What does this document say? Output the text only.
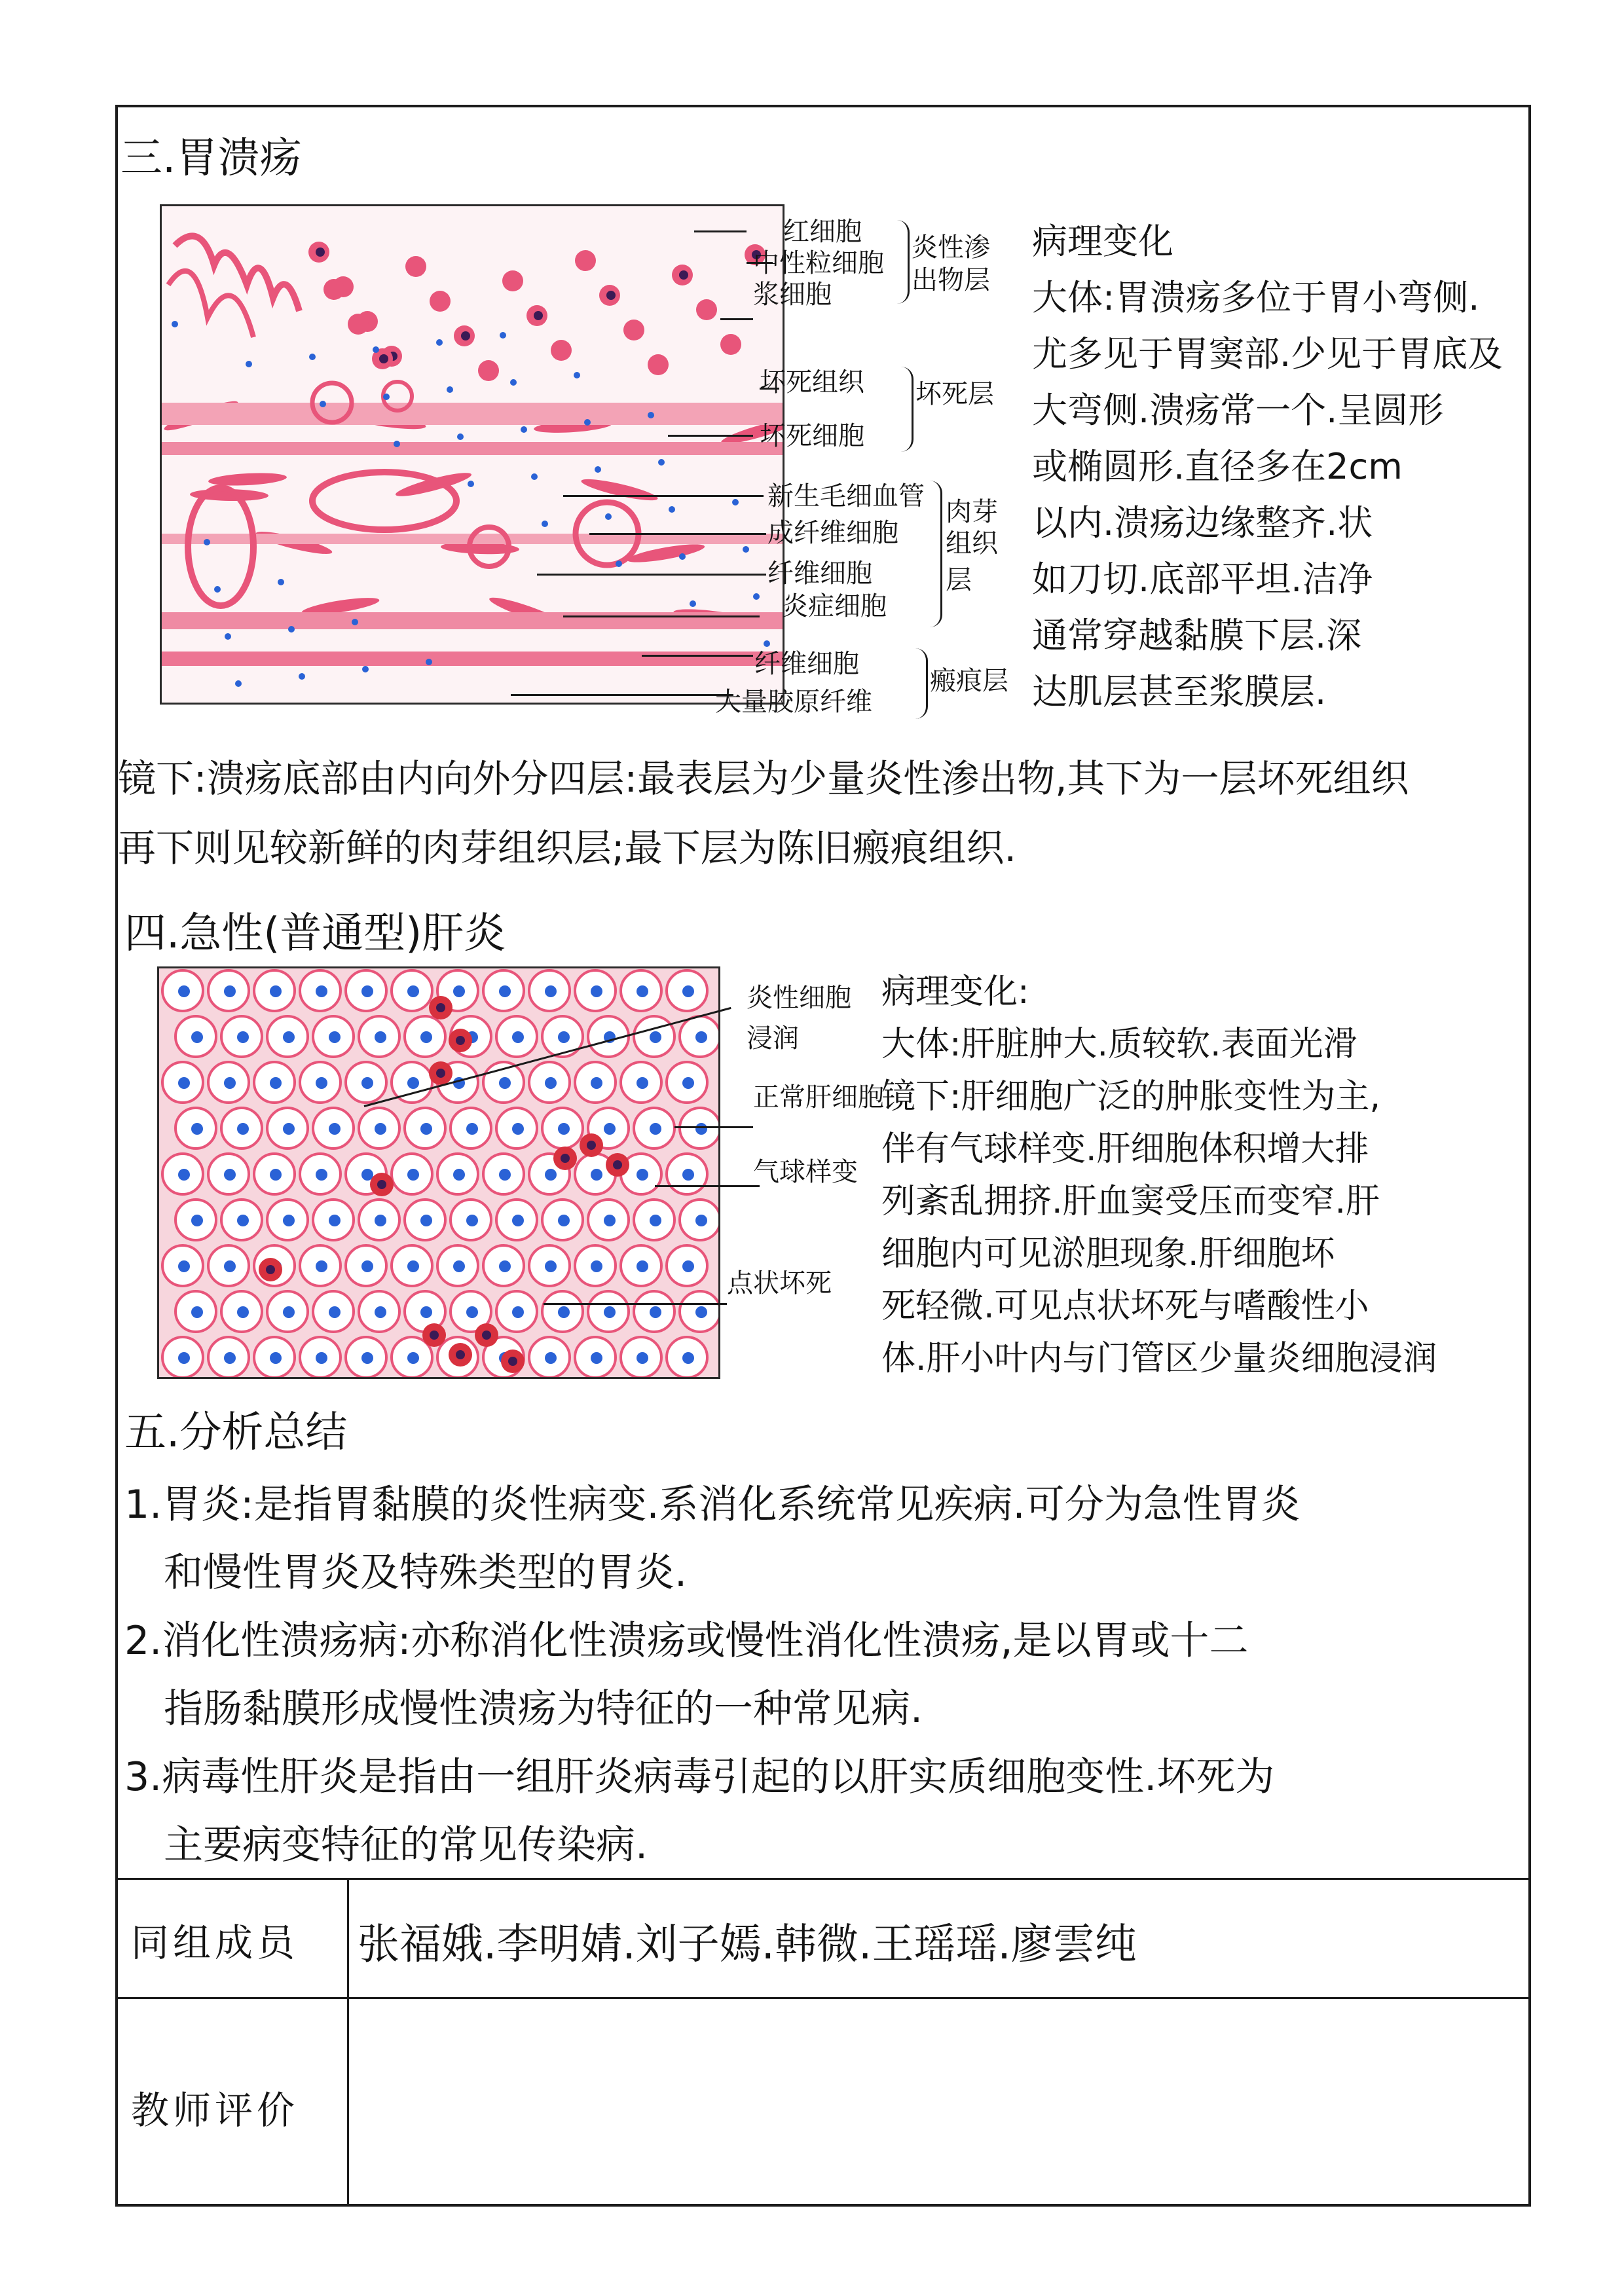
三.胃溃疡
红细胞
中性粒细胞
浆细胞
炎性渗
出物层
坏死组织
坏死细胞
坏死层
新生毛细血管
成纤维细胞
纤维细胞
炎症细胞
肉芽
组织
层
纤维细胞
大量胶原纤维
瘢痕层
病理变化
大体:胃溃疡多位于胃小弯侧.
尤多见于胃窦部.少见于胃底及
大弯侧.溃疡常一个.呈圆形
或椭圆形.直径多在2cm
以内.溃疡边缘整齐.状
如刀切.底部平坦.洁净
通常穿越黏膜下层.深
达肌层甚至浆膜层.
镜下:溃疡底部由内向外分四层:最表层为少量炎性渗出物,其下为一层坏死组织
再下则见较新鲜的肉芽组织层;最下层为陈旧瘢痕组织.
四.急性(普通型)肝炎
炎性细胞
浸润
正常肝细胞
气球样变
点状坏死
病理变化:
大体:肝脏肿大.质较软.表面光滑
镜下:肝细胞广泛的肿胀变性为主,
伴有气球样变.肝细胞体积增大排
列紊乱拥挤.肝血窦受压而变窄.肝
细胞内可见淤胆现象.肝细胞坏
死轻微.可见点状坏死与嗜酸性小
体.肝小叶内与门管区少量炎细胞浸润
五.分析总结
1.胃炎:是指胃黏膜的炎性病变.系消化系统常见疾病.可分为急性胃炎
和慢性胃炎及特殊类型的胃炎.
2.消化性溃疡病:亦称消化性溃疡或慢性消化性溃疡,是以胃或十二
指肠黏膜形成慢性溃疡为特征的一种常见病.
3.病毒性肝炎是指由一组肝炎病毒引起的以肝实质细胞变性.坏死为
主要病变特征的常见传染病.
同组成员 张福娥.李明婧.刘子嫣.韩微.王瑶瑶.廖雲纯
教师评价
